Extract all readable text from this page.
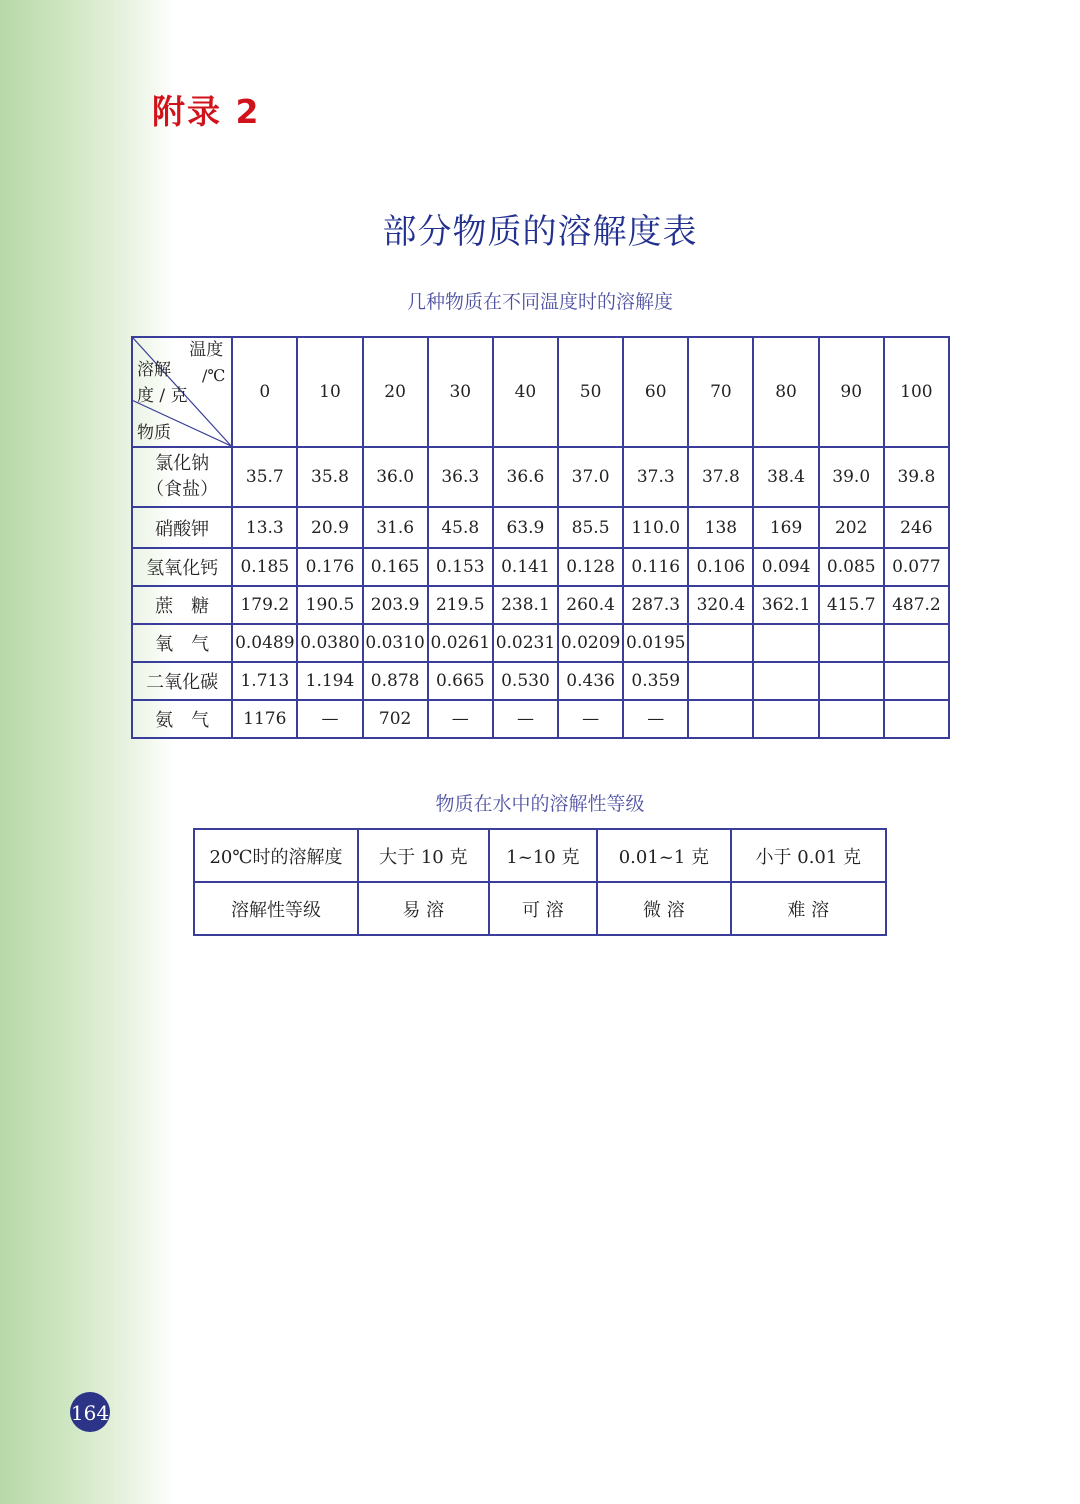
附录 2
部分物质的溶解度表
几种物质在不同温度时的溶解度
温度
/℃
溶解
度 / 克
物质	0	10	20	30	40	50	60	70	80	90	100

氯化钠
（食盐）	35.7	35.8	36.0	36.3	36.6	37.0	37.3	37.8	38.4	39.0	39.8
硝酸钾	13.3	20.9	31.6	45.8	63.9	85.5	110.0	138	169	202	246
氢氧化钙	0.185	0.176	0.165	0.153	0.141	0.128	0.116	0.106	0.094	0.085	0.077
蔗　糖	179.2	190.5	203.9	219.5	238.1	260.4	287.3	320.4	362.1	415.7	487.2
氧　气	0.0489	0.0380	0.0310	0.0261	0.0231	0.0209	0.0195				
二氧化碳	1.713	1.194	0.878	0.665	0.530	0.436	0.359				
氨　气	1176	—	702	—	—	—	—				
物质在水中的溶解性等级
20℃时的溶解度	大于 10 克	1~10 克	0.01~1 克	小于 0.01 克
溶解性等级	易 溶	可 溶	微 溶	难 溶
164
